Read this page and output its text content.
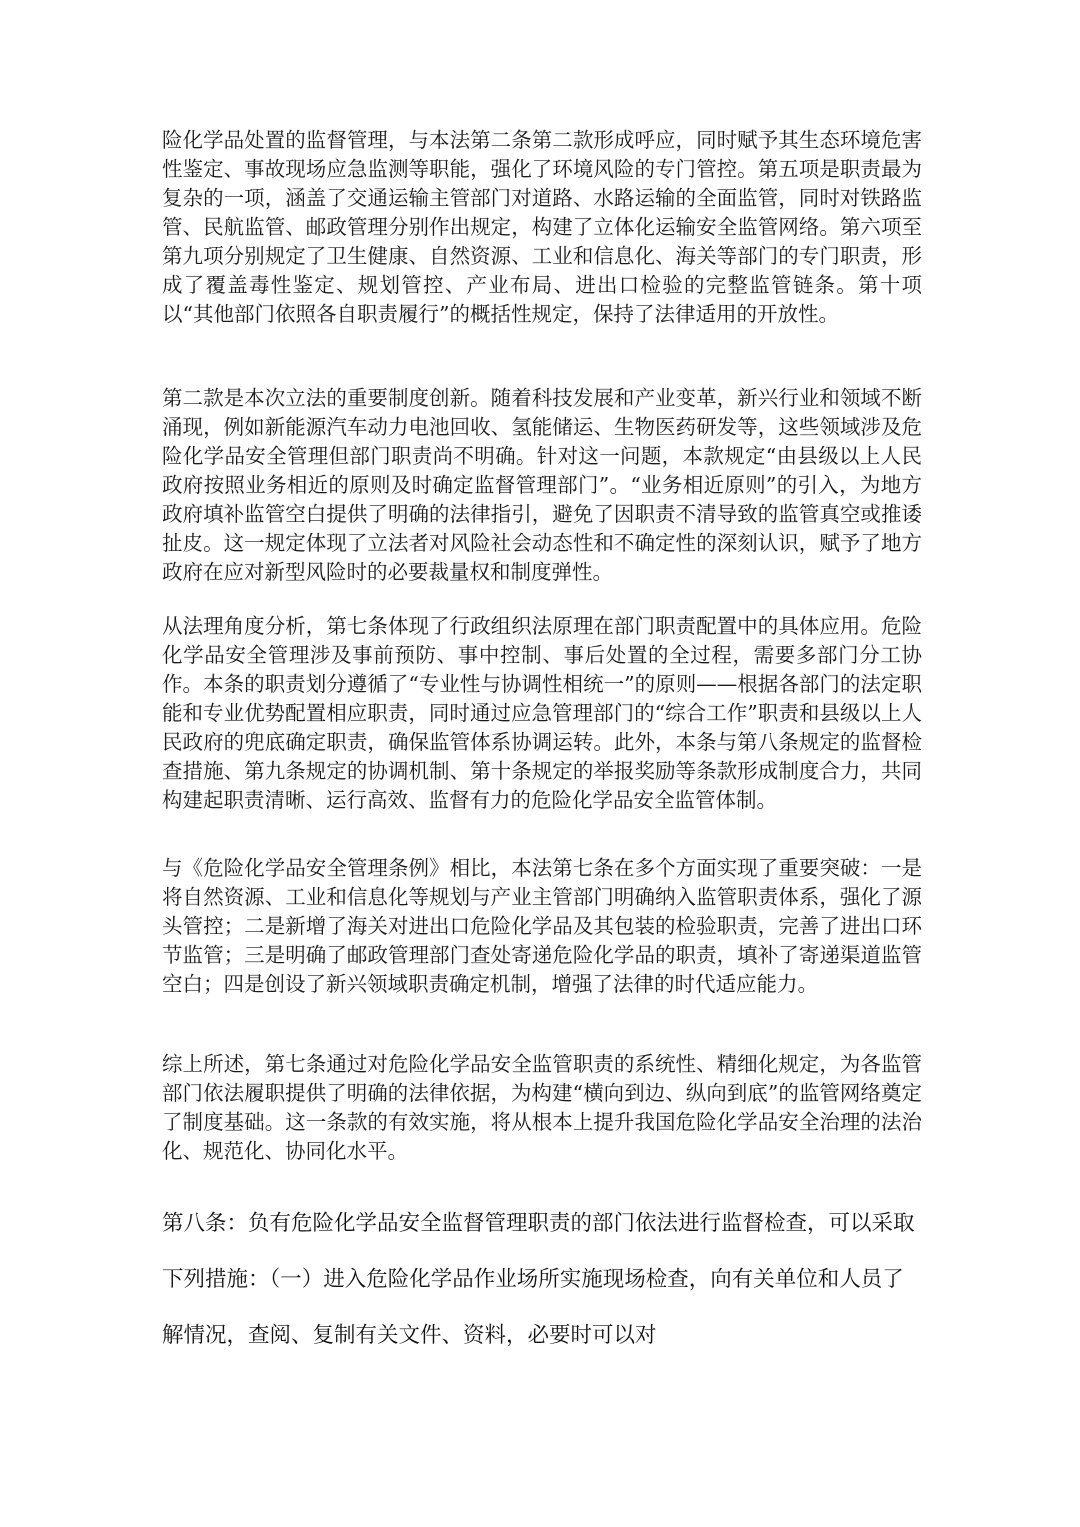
险化学品处置的监督管理，与本法第二条第二款形成呼应，同时赋予其生态环境危害性鉴定、事故现场应急监测等职能，强化了环境风险的专门管控。第五项是职责最为复杂的一项，涵盖了交通运输主管部门对道路、水路运输的全面监管，同时对铁路监管、民航监管、邮政管理分别作出规定，构建了立体化运输安全监管网络。第六项至第九项分别规定了卫生健康、自然资源、工业和信息化、海关等部门的专门职责，形成了覆盖毒性鉴定、规划管控、产业布局、进出口检验的完整监管链条。第十项以“其他部门依照各自职责履行”的概括性规定，保持了法律适用的开放性。

第二款是本次立法的重要制度创新。随着科技发展和产业变革，新兴行业和领域不断涌现，例如新能源汽车动力电池回收、氢能储运、生物医药研发等，这些领域涉及危险化学品安全管理但部门职责尚不明确。针对这一问题，本款规定“由县级以上人民政府按照业务相近的原则及时确定监督管理部门”。“业务相近原则”的引入，为地方政府填补监管空白提供了明确的法律指引，避免了因职责不清导致的监管真空或推诿扯皮。这一规定体现了立法者对风险社会动态性和不确定性的深刻认识，赋予了地方政府在应对新型风险时的必要裁量权和制度弹性。

从法理角度分析，第七条体现了行政组织法原理在部门职责配置中的具体应用。危险化学品安全管理涉及事前预防、事中控制、事后处置的全过程，需要多部门分工协作。本条的职责划分遵循了“专业性与协调性相统一”的原则——根据各部门的法定职能和专业优势配置相应职责，同时通过应急管理部门的“综合工作”职责和县级以上人民政府的兜底确定职责，确保监管体系协调运转。此外，本条与第八条规定的监督检查措施、第九条规定的协调机制、第十条规定的举报奖励等条款形成制度合力，共同构建起职责清晰、运行高效、监督有力的危险化学品安全监管体制。

与《危险化学品安全管理条例》相比，本法第七条在多个方面实现了重要突破：一是将自然资源、工业和信息化等规划与产业主管部门明确纳入监管职责体系，强化了源头管控；二是新增了海关对进出口危险化学品及其包装的检验职责，完善了进出口环节监管；三是明确了邮政管理部门查处寄递危险化学品的职责，填补了寄递渠道监管空白；四是创设了新兴领域职责确定机制，增强了法律的时代适应能力。

综上所述，第七条通过对危险化学品安全监管职责的系统性、精细化规定，为各监管部门依法履职提供了明确的法律依据，为构建“横向到边、纵向到底”的监管网络奠定了制度基础。这一条款的有效实施，将从根本上提升我国危险化学品安全治理的法治化、规范化、协同化水平。

第八条：负有危险化学品安全监督管理职责的部门依法进行监督检查，可以采取下列措施：（一）进入危险化学品作业场所实施现场检查，向有关单位和人员了解情况，查阅、复制有关文件、资料，必要时可以对
